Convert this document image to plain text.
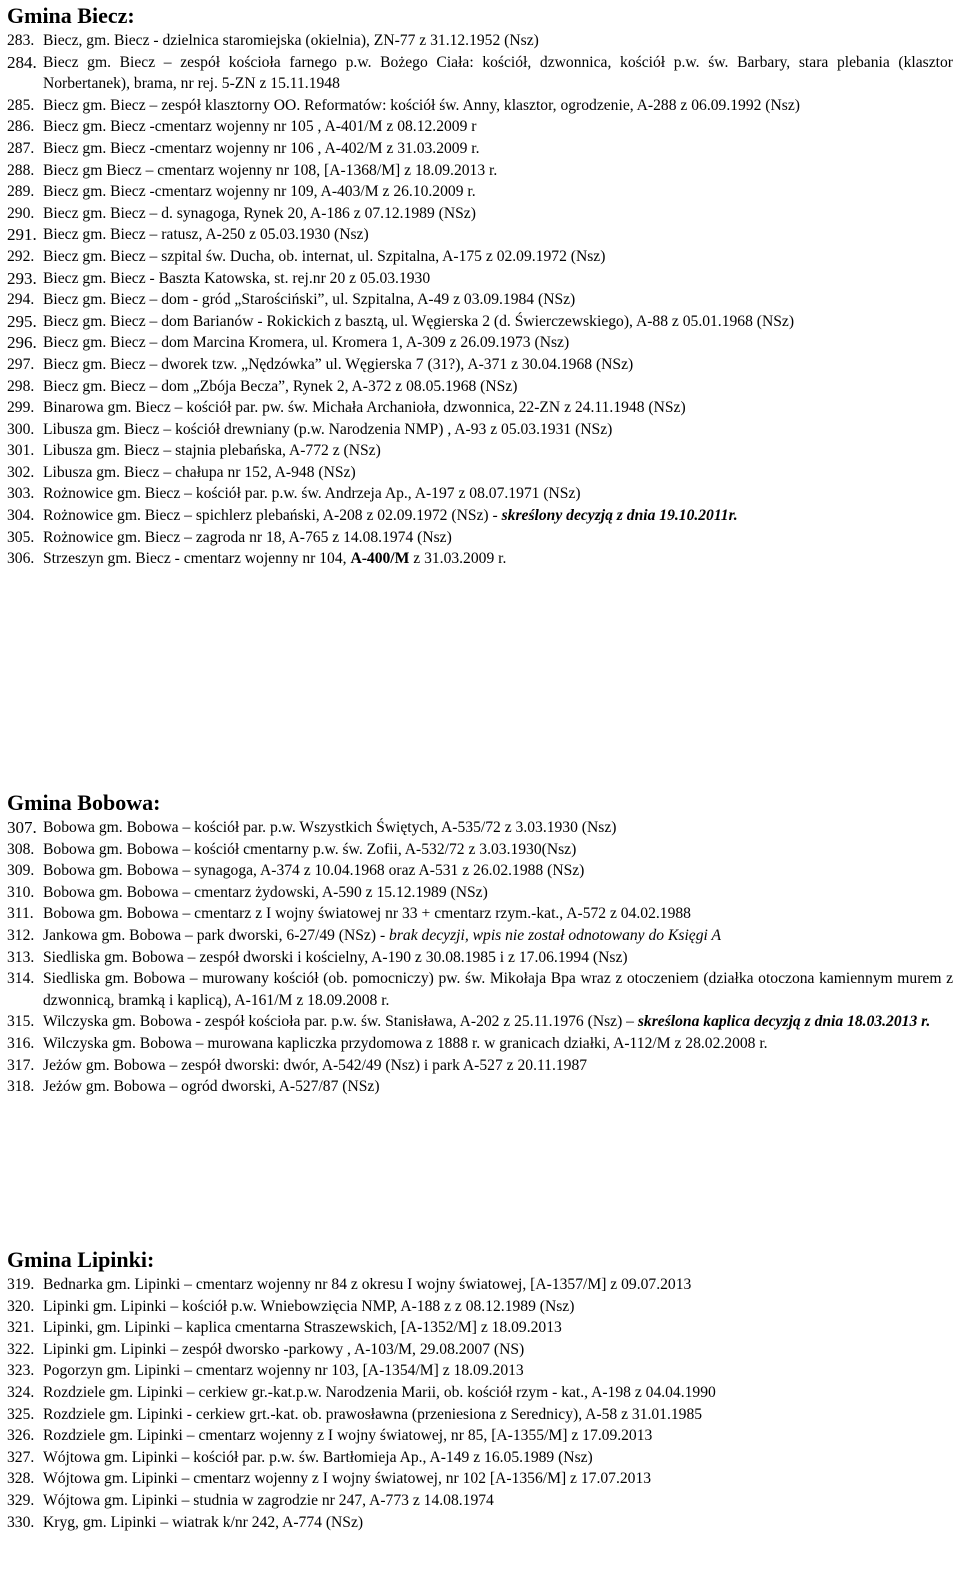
Gmina Biecz:
283. Biecz, gm. Biecz - dzielnica staromiejska (okielnia), ZN-77 z 31.12.1952 (Nsz)
284. Biecz gm. Biecz – zespół kościoła farnego p.w. Bożego Ciała: kościół, dzwonnica, kościół p.w. św. Barbary, stara plebania (klasztor Norbertanek), brama, nr rej. 5-ZN z 15.11.1948
285. Biecz gm. Biecz – zespół klasztorny OO. Reformatów: kościół św. Anny, klasztor, ogrodzenie, A-288 z 06.09.1992 (Nsz)
286. Biecz gm. Biecz -cmentarz wojenny nr 105 , A-401/M z 08.12.2009 r
287. Biecz gm. Biecz -cmentarz wojenny nr 106 , A-402/M z 31.03.2009 r.
288. Biecz gm Biecz – cmentarz wojenny nr 108, [A-1368/M] z 18.09.2013 r.
289. Biecz gm. Biecz -cmentarz wojenny nr 109, A-403/M z 26.10.2009 r.
290. Biecz gm. Biecz – d. synagoga, Rynek 20, A-186 z 07.12.1989 (NSz)
291. Biecz gm. Biecz – ratusz, A-250 z 05.03.1930 (Nsz)
292. Biecz gm. Biecz – szpital św. Ducha, ob. internat, ul. Szpitalna, A-175 z 02.09.1972 (Nsz)
293. Biecz gm. Biecz - Baszta Katowska, st. rej.nr 20 z 05.03.1930
294. Biecz gm. Biecz – dom - gród „Starościński”, ul. Szpitalna, A-49 z 03.09.1984 (NSz)
295. Biecz gm. Biecz – dom Barianów - Rokickich z basztą, ul. Węgierska 2 (d. Świerczewskiego), A-88 z 05.01.1968 (NSz)
296. Biecz gm. Biecz – dom Marcina Kromera, ul. Kromera 1, A-309 z 26.09.1973 (Nsz)
297. Biecz gm. Biecz – dworek tzw. „Nędzówka” ul. Węgierska 7 (31?), A-371 z 30.04.1968 (NSz)
298. Biecz gm. Biecz – dom „Zbója Becza”, Rynek 2, A-372 z 08.05.1968 (NSz)
299. Binarowa gm. Biecz – kościół par. pw. św. Michała Archanioła, dzwonnica, 22-ZN z 24.11.1948 (NSz)
300. Libusza gm. Biecz – kościół drewniany (p.w. Narodzenia NMP) , A-93 z 05.03.1931 (NSz)
301. Libusza gm. Biecz – stajnia plebańska, A-772 z (NSz)
302. Libusza gm. Biecz – chałupa nr 152, A-948 (NSz)
303. Rożnowice gm. Biecz – kościół par. p.w. św. Andrzeja Ap., A-197 z 08.07.1971 (NSz)
304. Rożnowice gm. Biecz – spichlerz plebański, A-208 z 02.09.1972 (NSz) - skreślony decyzją z dnia 19.10.2011r.
305. Rożnowice gm. Biecz – zagroda nr 18, A-765 z 14.08.1974 (Nsz)
306. Strzeszyn gm. Biecz - cmentarz wojenny nr 104, A-400/M z 31.03.2009 r.
Gmina Bobowa:
307. Bobowa gm. Bobowa – kościół par. p.w. Wszystkich Świętych, A-535/72 z 3.03.1930 (Nsz)
308. Bobowa gm. Bobowa – kościół cmentarny p.w. św. Zofii, A-532/72 z 3.03.1930(Nsz)
309. Bobowa gm. Bobowa – synagoga, A-374 z 10.04.1968 oraz A-531 z 26.02.1988 (NSz)
310. Bobowa gm. Bobowa – cmentarz żydowski, A-590 z 15.12.1989 (NSz)
311. Bobowa gm. Bobowa – cmentarz z I wojny światowej nr 33 + cmentarz rzym.-kat., A-572 z 04.02.1988
312. Jankowa gm. Bobowa – park dworski, 6-27/49 (NSz) - brak decyzji, wpis nie został odnotowany do Księgi A
313. Siedliska gm. Bobowa – zespół dworski i kościelny, A-190 z 30.08.1985 i z 17.06.1994 (Nsz)
314. Siedliska gm. Bobowa – murowany kościół (ob. pomocniczy) pw. św. Mikołaja Bpa wraz z otoczeniem (działka otoczona kamiennym murem z dzwonnicą, bramką i kaplicą), A-161/M z 18.09.2008 r.
315. Wilczyska gm. Bobowa - zespół kościoła par. p.w. św. Stanisława, A-202 z 25.11.1976 (Nsz) – skreślona kaplica decyzją z dnia 18.03.2013 r.
316. Wilczyska gm. Bobowa – murowana kapliczka przydomowa z 1888 r. w granicach działki, A-112/M z 28.02.2008 r.
317. Jeżów gm. Bobowa – zespół dworski: dwór, A-542/49 (Nsz) i park A-527 z 20.11.1987
318. Jeżów gm. Bobowa – ogród dworski, A-527/87 (NSz)
Gmina Lipinki:
319. Bednarka gm. Lipinki – cmentarz wojenny nr 84 z okresu I wojny światowej, [A-1357/M] z 09.07.2013
320. Lipinki gm. Lipinki – kościół p.w. Wniebowzięcia NMP, A-188 z z 08.12.1989 (Nsz)
321. Lipinki, gm. Lipinki – kaplica cmentarna Straszewskich, [A-1352/M] z 18.09.2013
322. Lipinki gm. Lipinki – zespół dworsko -parkowy , A-103/M, 29.08.2007 (NS)
323. Pogorzyn gm. Lipinki – cmentarz wojenny nr 103, [A-1354/M] z 18.09.2013
324. Rozdziele gm. Lipinki – cerkiew gr.-kat.p.w. Narodzenia Marii, ob. kościół rzym - kat., A-198 z 04.04.1990
325. Rozdziele gm. Lipinki - cerkiew grt.-kat. ob. prawosławna (przeniesiona z Serednicy), A-58 z 31.01.1985
326. Rozdziele gm. Lipinki – cmentarz wojenny z I wojny światowej, nr 85, [A-1355/M] z 17.09.2013
327. Wójtowa gm. Lipinki – kościół par. p.w. św. Bartłomieja Ap., A-149 z 16.05.1989 (Nsz)
328. Wójtowa gm. Lipinki – cmentarz wojenny z I wojny światowej, nr 102 [A-1356/M] z 17.07.2013
329. Wójtowa gm. Lipinki – studnia w zagrodzie nr 247, A-773 z 14.08.1974
330. Kryg, gm. Lipinki – wiatrak k/nr 242, A-774 (NSz)
